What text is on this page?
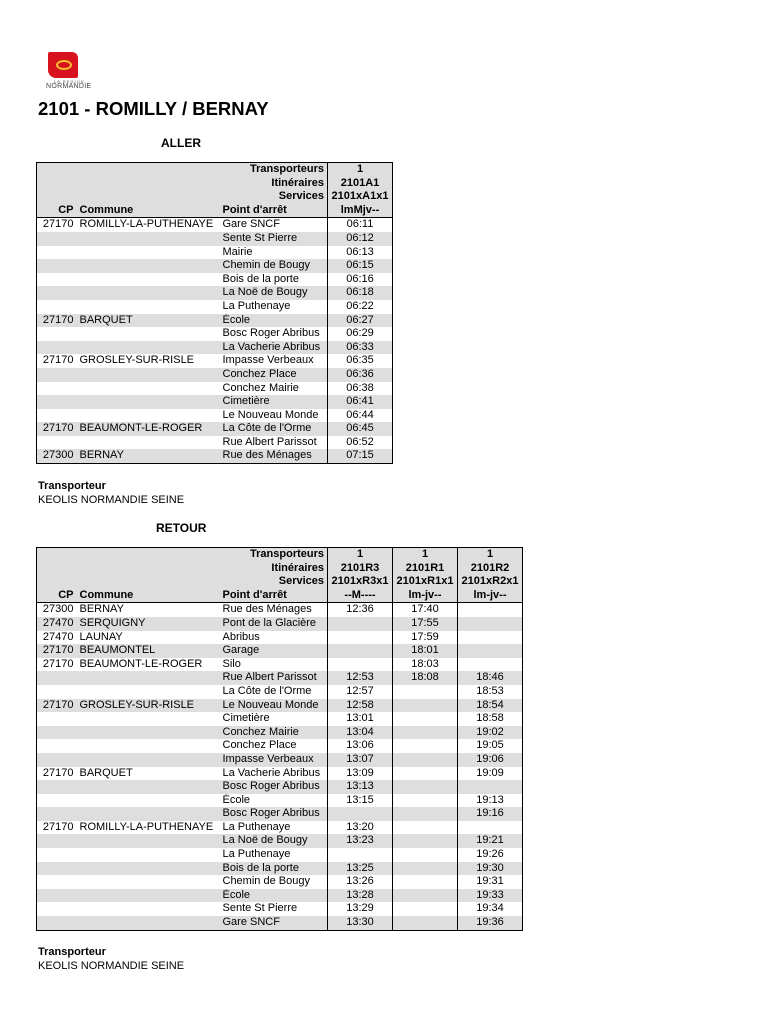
LA REGION
NORMANDIE
2101 - ROMILLY / BERNAY
ALLER
Transporteurs			1
Itinéraires			2101A1
Services			2101xA1x1
CP	Commune	Point d'arrêt	lmMjv--
27170	ROMILLY-LA-PUTHENAYE	Gare SNCF	06:11
		Sente St Pierre	06:12
		Mairie	06:13
		Chemin de Bougy	06:15
		Bois de la porte	06:16
		La Noë de Bougy	06:18
		La Puthenaye	06:22
27170	BARQUET	École	06:27
		Bosc Roger Abribus	06:29
		La Vacherie Abribus	06:33
27170	GROSLEY-SUR-RISLE	Impasse Verbeaux	06:35
		Conchez Place	06:36
		Conchez Mairie	06:38
		Cimetière	06:41
		Le Nouveau Monde	06:44
27170	BEAUMONT-LE-ROGER	La Côte de l'Orme	06:45
		Rue Albert Parissot	06:52
27300	BERNAY	Rue des Ménages	07:15
Transporteur
KEOLIS NORMANDIE SEINE
RETOUR
Transporteurs			1	1	1
Itinéraires			2101R3	2101R1	2101R2
Services			2101xR3x1	2101xR1x1	2101xR2x1
CP	Commune	Point d'arrêt	--M----	lm-jv--	lm-jv--
27300	BERNAY	Rue des Ménages	12:36	17:40	
27470	SERQUIGNY	Pont de la Glacière		17:55	
27470	LAUNAY	Abribus		17:59	
27170	BEAUMONTEL	Garage		18:01	
27170	BEAUMONT-LE-ROGER	Silo		18:03	
		Rue Albert Parissot	12:53	18:08	18:46
		La Côte de l'Orme	12:57		18:53
27170	GROSLEY-SUR-RISLE	Le Nouveau Monde	12:58		18:54
		Cimetière	13:01		18:58
		Conchez Mairie	13:04		19:02
		Conchez Place	13:06		19:05
		Impasse Verbeaux	13:07		19:06
27170	BARQUET	La Vacherie Abribus	13:09		19:09
		Bosc Roger Abribus	13:13		
		École	13:15		19:13
		Bosc Roger Abribus			19:16
27170	ROMILLY-LA-PUTHENAYE	La Puthenaye	13:20		
		La Noë de Bougy	13:23		19:21
		La Puthenaye			19:26
		Bois de la porte	13:25		19:30
		Chemin de Bougy	13:26		19:31
		École	13:28		19:33
		Sente St Pierre	13:29		19:34
		Gare SNCF	13:30		19:36
Transporteur
KEOLIS NORMANDIE SEINE
